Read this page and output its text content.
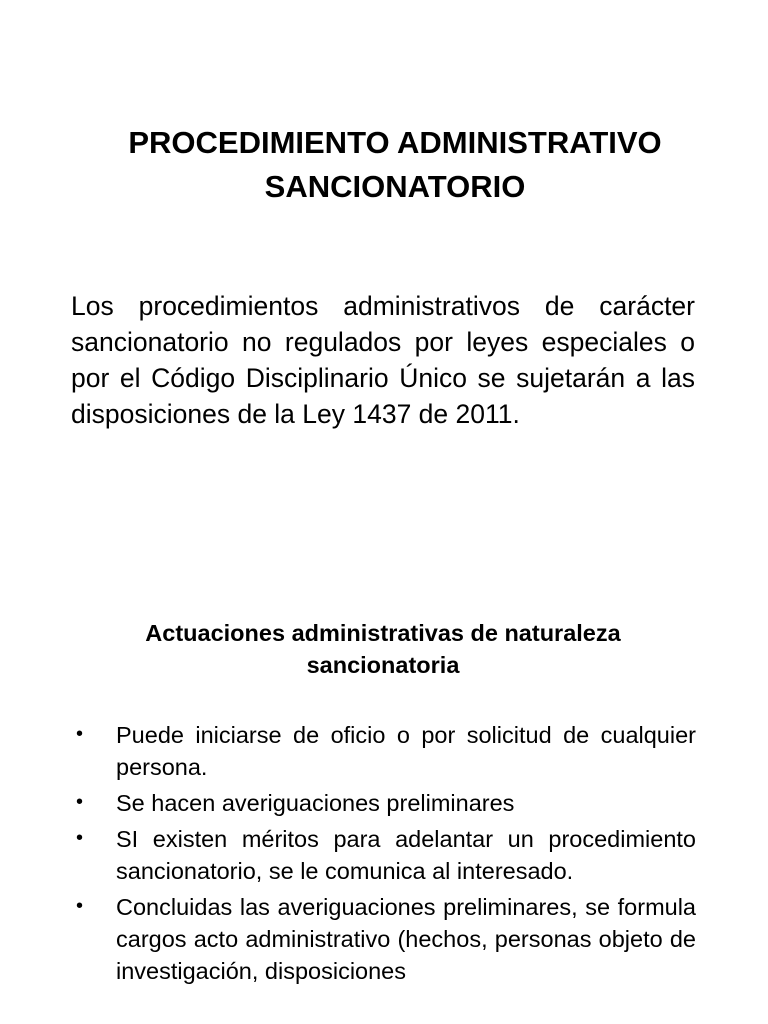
PROCEDIMIENTO ADMINISTRATIVO
SANCIONATORIO

Los procedimientos administrativos de carácter sancionatorio no regulados por leyes especiales o por el Código Disciplinario Único se sujetarán a las disposiciones de la Ley 1437 de 2011.

Actuaciones administrativas de naturaleza
sancionatoria
• Puede iniciarse de oficio o por solicitud de cualquier persona.
• Se hacen averiguaciones preliminares
• SI existen méritos para adelantar un procedimiento sancionatorio, se le comunica al interesado.
• Concluidas las averiguaciones preliminares, se formula cargos acto administrativo (hechos, personas objeto de investigación, disposiciones
